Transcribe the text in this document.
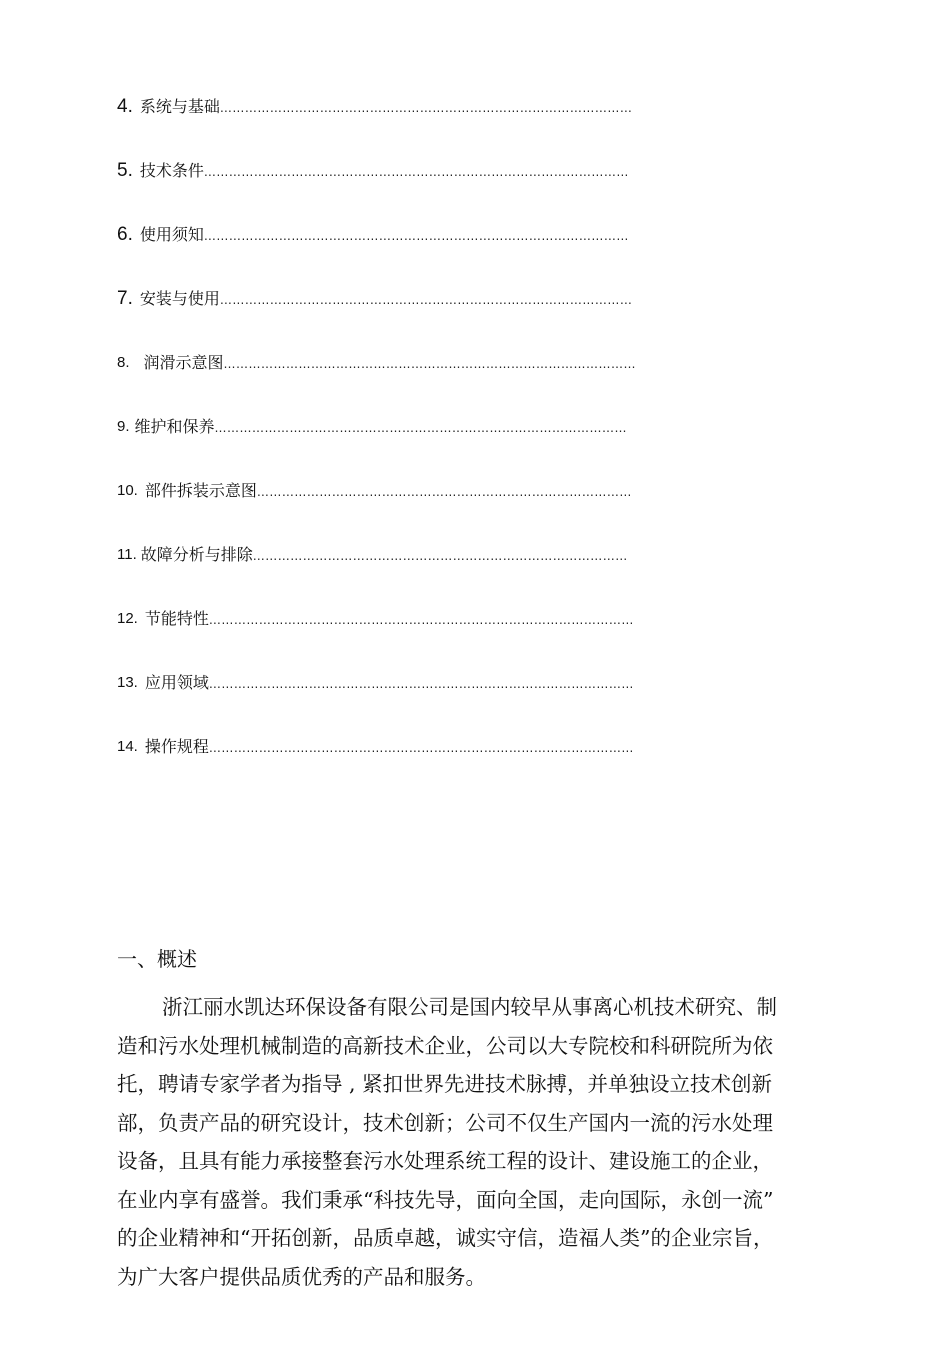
4. 系统与基础 ………………………………………………………………………………………
5. 技术条件 …………………………………………………………………………………………
6. 使用须知 …………………………………………………………………………………………
7. 安装与使用 ………………………………………………………………………………………
8. 润滑示意图 ………………………………………………………………………………………
9. 维护和保养 ………………………………………………………………………………………
10. 部件拆装示意图 ………………………………………………………………………………
11. 故障分析与排除 ………………………………………………………………………………
12. 节能特性 …………………………………………………………………………………………
13. 应用领域 …………………………………………………………………………………………
14. 操作规程 …………………………………………………………………………………………
一、概述
浙江丽水凯达环保设备有限公司是国内较早从事离心机技术研究、制
造和污水处理机械制造的高新技术企业，公司以大专院校和科研院所为依
托，聘请专家学者为指导 , 紧扣世界先进技术脉搏，并单独设立技术创新
部，负责产品的研究设计，技术创新；公司不仅生产国内一流的污水处理
设备，且具有能力承接整套污水处理系统工程的设计、建设施工的企业，
在业内享有盛誉。我们秉承“科技先导，面向全国，走向国际，永创一流”
的企业精神和“开拓创新，品质卓越，诚实守信，造福人类”的企业宗旨，
为广大客户提供品质优秀的产品和服务。
